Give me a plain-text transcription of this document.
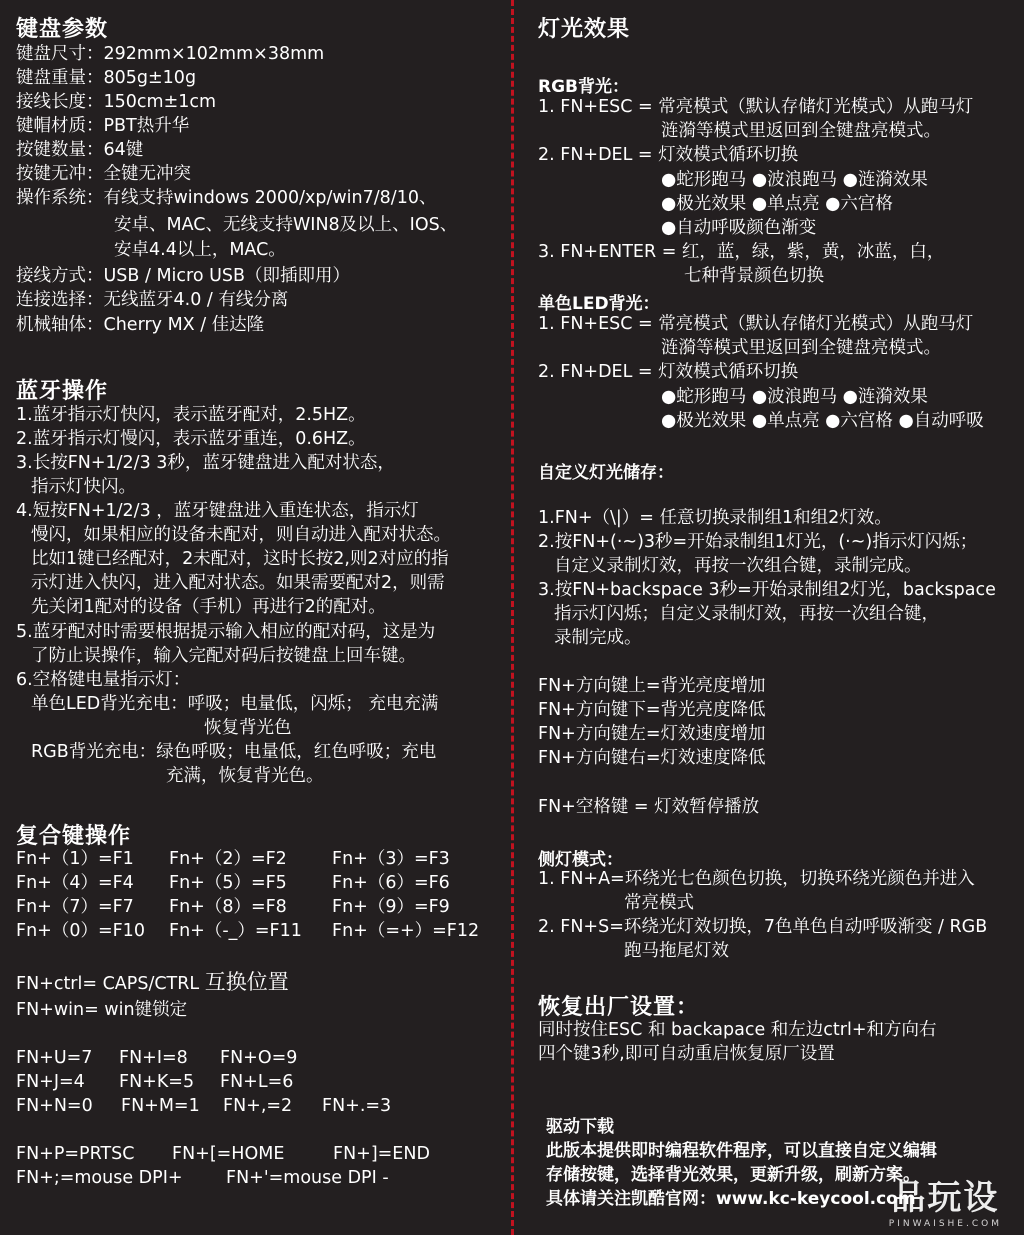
键盘参数
键盘尺寸：292mm×102mm×38mm
键盘重量：805g±10g
接线长度：150cm±1cm
键帽材质：PBT热升华
按键数量：64键
按键无冲：全键无冲突
操作系统：有线支持windows 2000/xp/win7/8/10、
安卓、MAC、无线支持WIN8及以上、IOS、
安卓4.4以上，MAC。
接线方式：USB / Micro USB（即插即用）
连接选择：无线蓝牙4.0 / 有线分离
机械轴体：Cherry MX / 佳达隆
蓝牙操作
1.蓝牙指示灯快闪，表示蓝牙配对，2.5HZ。
2.蓝牙指示灯慢闪，表示蓝牙重连，0.6HZ。
3.长按FN+1/2/3 3秒，蓝牙键盘进入配对状态，
指示灯快闪。
4.短按FN+1/2/3 ，蓝牙键盘进入重连状态，指示灯
慢闪，如果相应的设备未配对，则自动进入配对状态。
比如1键已经配对，2未配对，这时长按2,则2对应的指
示灯进入快闪，进入配对状态。如果需要配对2，则需
先关闭1配对的设备（手机）再进行2的配对。
5.蓝牙配对时需要根据提示输入相应的配对码，这是为
了防止误操作，输入完配对码后按键盘上回车键。
6.空格键电量指示灯：
单色LED背光充电：呼吸；电量低，闪烁； 充电充满
恢复背光色
RGB背光充电：绿色呼吸；电量低，红色呼吸；充电
充满，恢复背光色。
复合键操作
Fn+（1）=F1 Fn+（2）=F2	Fn+（3）=F3
Fn+（4）=F4 Fn+（5）=F5	Fn+（6）=F6
Fn+（7）=F7 Fn+（8）=F8	Fn+（9）=F9
Fn+（0）=F10 Fn+（-_）=F11 Fn+（=+）=F12
FN+ctrl= CAPS/CTRL 互换位置
FN+win= win键锁定
FN+U=7 FN+I=8 FN+O=9
FN+J=4 FN+K=5 FN+L=6
FN+N=0 FN+M=1 FN+,=2 FN+.=3
FN+P=PRTSC FN+[=HOME	FN+]=END
FN+;=mouse DPI+ FN+'=mouse DPI -
灯光效果
RGB背光：
1. FN+ESC = 常亮模式（默认存储灯光模式）从跑马灯
涟漪等模式里返回到全键盘亮模式。
2. FN+DEL = 灯效模式循环切换
●蛇形跑马 ●波浪跑马 ●涟漪效果
●极光效果 ●单点亮 ●六宫格
●自动呼吸颜色渐变
3. FN+ENTER = 红，蓝，绿，紫，黄，冰蓝，白，
七种背景颜色切换
单色LED背光：
1. FN+ESC = 常亮模式（默认存储灯光模式）从跑马灯
涟漪等模式里返回到全键盘亮模式。
2. FN+DEL = 灯效模式循环切换
●蛇形跑马 ●波浪跑马 ●涟漪效果
●极光效果 ●单点亮 ●六宫格 ●自动呼吸
自定义灯光储存：
1.FN+（\|）= 任意切换录制组1和组2灯效。
2.按FN+(·~)3秒=开始录制组1灯光，(·~)指示灯闪烁；
自定义录制灯效，再按一次组合键，录制完成。
3.按FN+backspace 3秒=开始录制组2灯光，backspace
指示灯闪烁；自定义录制灯效，再按一次组合键，
录制完成。
FN+方向键上=背光亮度增加
FN+方向键下=背光亮度降低
FN+方向键左=灯效速度增加
FN+方向键右=灯效速度降低
FN+空格键 = 灯效暂停播放
侧灯模式：
1. FN+A=环绕光七色颜色切换，切换环绕光颜色并进入
常亮模式
2. FN+S=环绕光灯效切换，7色单色自动呼吸渐变 / RGB
跑马拖尾灯效
恢复出厂设置：
同时按住ESC 和 backapace 和左边ctrl+和方向右
四个键3秒,即可自动重启恢复原厂设置
驱动下载
此版本提供即时编程软件程序，可以直接自定义编辑
存储按键，选择背光效果，更新升级，刷新方案。
具体请关注凯酷官网：www.kc-keycool.com
品玩设
PINWAISHE.COM
